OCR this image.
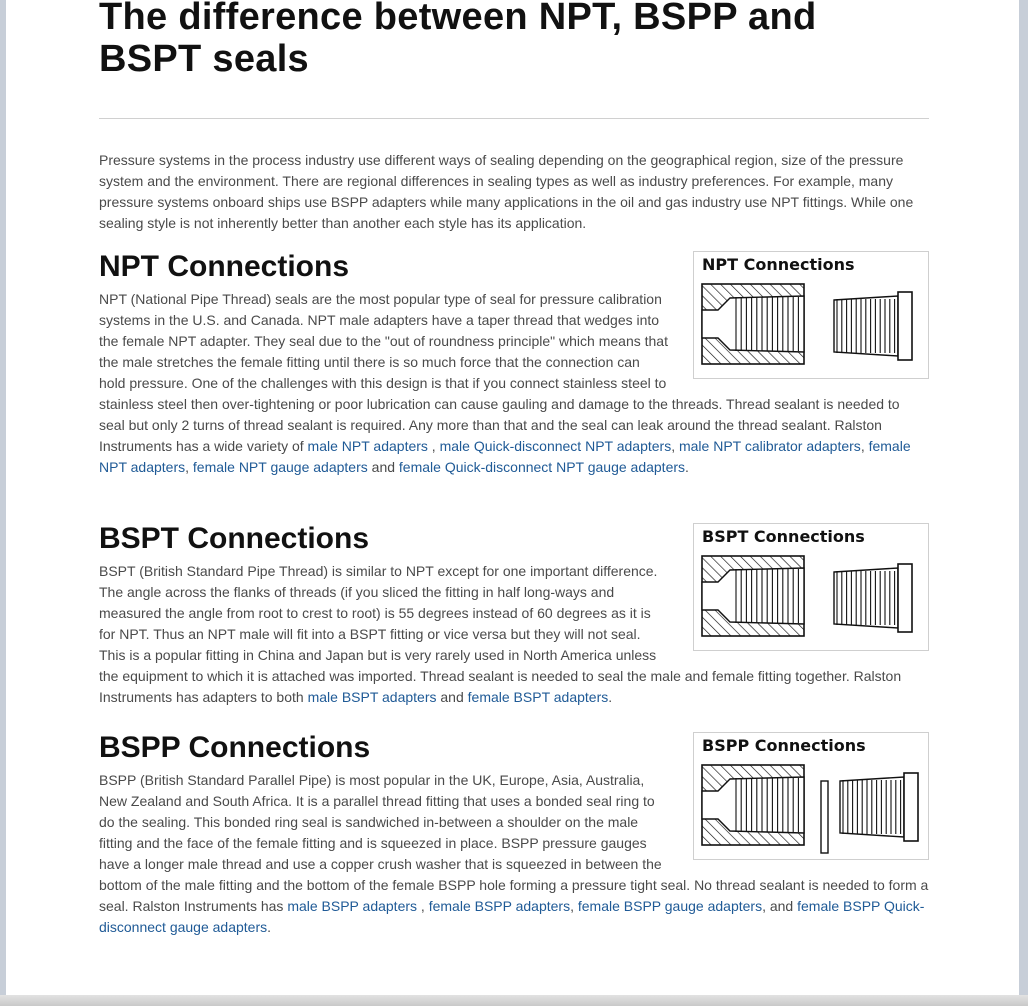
The difference between NPT, BSPP and BSPT seals

Pressure systems in the process industry use different ways of sealing depending on the geographical region, size of the pressure system and the environment. There are regional differences in sealing types as well as industry preferences. For example, many pressure systems onboard ships use BSPP adapters while many applications in the oil and gas industry use NPT fittings. While one sealing style is not inherently better than another each style has its application.

NPT Connections	NPT Connections

NPT (National Pipe Thread) seals are the most popular type of seal for pressure calibration systems in the U.S. and Canada. NPT male adapters have a taper thread that wedges into the female NPT adapter. They seal due to the "out of roundness principle" which means that the male stretches the female fitting until there is so much force that the connection can hold pressure. One of the challenges with this design is that if you connect stainless steel to stainless steel then over-tightening or poor lubrication can cause gauling and damage to the threads. Thread sealant is needed to seal but only 2 turns of thread sealant is required. Any more than that and the seal can leak around the thread sealant. Ralston Instruments has a wide variety of male NPT adapters , male Quick-disconnect NPT adapters, male NPT calibrator adapters, female NPT adapters, female NPT gauge adapters and female Quick-disconnect NPT gauge adapters.

BSPT Connections	BSPT Connections

BSPT (British Standard Pipe Thread) is similar to NPT except for one important difference. The angle across the flanks of threads (if you sliced the fitting in half long-ways and measured the angle from root to crest to root) is 55 degrees instead of 60 degrees as it is for NPT. Thus an NPT male will fit into a BSPT fitting or vice versa but they will not seal. This is a popular fitting in China and Japan but is very rarely used in North America unless the equipment to which it is attached was imported. Thread sealant is needed to seal the male and female fitting together. Ralston Instruments has adapters to both male BSPT adapters and female BSPT adapters.

BSPP Connections	BSPP Connections

BSPP (British Standard Parallel Pipe) is most popular in the UK, Europe, Asia, Australia, New Zealand and South Africa. It is a parallel thread fitting that uses a bonded seal ring to do the sealing. This bonded ring seal is sandwiched in-between a shoulder on the male fitting and the face of the female fitting and is squeezed in place. BSPP pressure gauges have a longer male thread and use a copper crush washer that is squeezed in between the bottom of the male fitting and the bottom of the female BSPP hole forming a pressure tight seal. No thread sealant is needed to form a seal. Ralston Instruments has male BSPP adapters , female BSPP adapters, female BSPP gauge adapters, and female BSPP Quick-disconnect gauge adapters.
